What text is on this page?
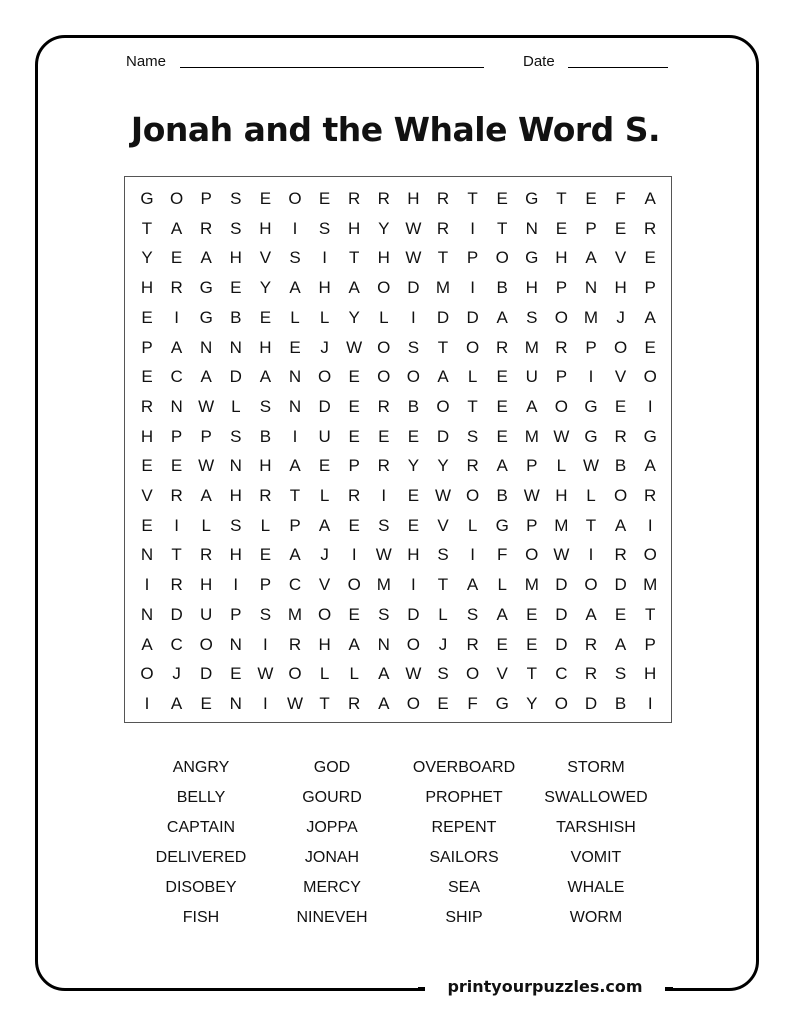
Name	Date
Jonah and the Whale Word S.
G O	P	S	E	O	E	R	R	H	R	T	E	G	T	E	F	A
T	A	R	S	H	I	S	H	Y W R	I	T	N	E	P	E	R
Y	E	A	H	V	S	I	T	H W T	P	O G H	A	V	E
H	R G	E	Y	A	H	A	O D M	I	B	H	P	N	H	P
E	I	G	B	E	L	L	Y	L	I	D	D	A	S	O M	J	A
P	A	N	N	H	E	J	W O	S	T	O R M R	P	O	E
E	C	A	D	A	N O	E	O O	A	L	E	U	P	I	V	O
R	N W L	S	N	D	E	R	B	O	T	E	A	O G	E	I
H	P	P	S	B	I	U	E	E	E	D	S	E M W G R G
E	E W N	H	A	E	P	R	Y	Y	R	A	P	L W B	A
V	R	A	H	R	T	L	R	I	E W O	B W H	L	O R
E	I	L	S	L	P	A	E	S	E	V	L	G	P M	T	A	I
N	T	R	H	E	A	J	I	W H	S	I	F	O W	I	R O
I	R	H	I	P	C	V	O M	I	T	A	L	M D O D M
N	D	U	P	S M O	E	S	D	L	S	A	E	D	A	E	T
A	C O N	I	R	H	A	N O	J	R	E	E	D	R	A	P
O	J	D	E W O	L	L	A W S	O	V	T	C	R	S	H
I	A	E	N	I	W T	R	A	O	E	F	G	Y	O D	B	I
ANGRY	GOD	OVERBOARD	STORM
BELLY	GOURD	PROPHET	SWALLOWED
CAPTAIN	JOPPA	REPENT	TARSHISH
DELIVERED	JONAH	SAILORS	VOMIT
DISOBEY	MERCY	SEA	WHALE
FISH	NINEVEH	SHIP	WORM
printyourpuzzles.com
